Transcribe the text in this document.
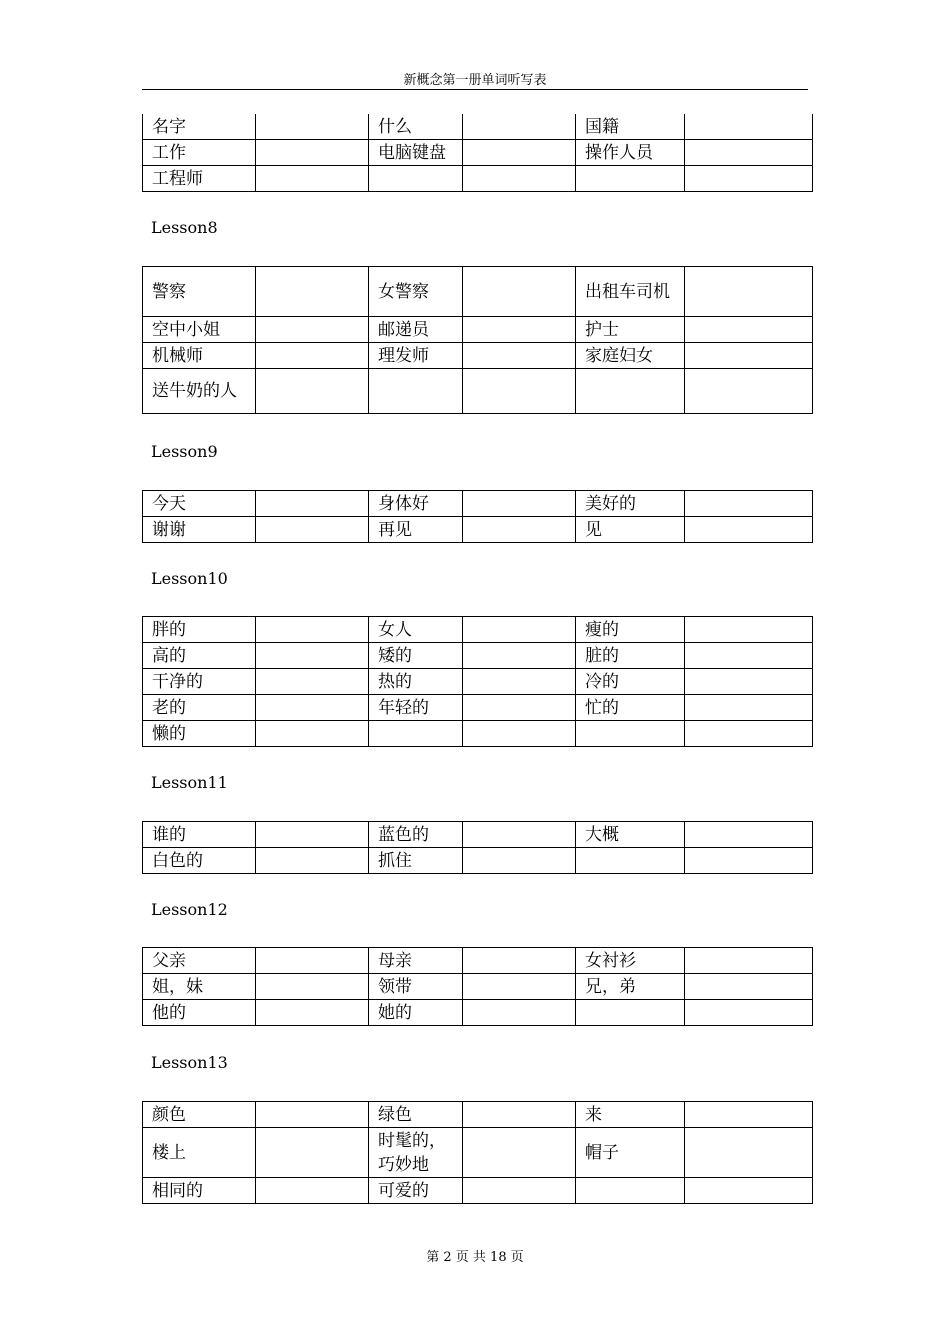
新概念第一册单词听写表
名字		什么		国籍	
工作		电脑键盘		操作人员	
工程师					
Lesson8
警察		女警察		出租车司机	
空中小姐		邮递员		护士	
机械师		理发师		家庭妇女	
送牛奶的人					
Lesson9
今天		身体好		美好的	
谢谢		再见		见	
Lesson10
胖的		女人		瘦的	
高的		矮的		脏的	
干净的		热的		冷的	
老的		年轻的		忙的	
懒的					
Lesson11
谁的		蓝色的		大概	
白色的		抓住			
Lesson12
父亲		母亲		女衬衫	
姐，妹		领带		兄，弟	
他的		她的			
Lesson13
颜色		绿色		来	
楼上		时髦的，巧妙地		帽子	
相同的		可爱的			
第 2 页 共 18 页
